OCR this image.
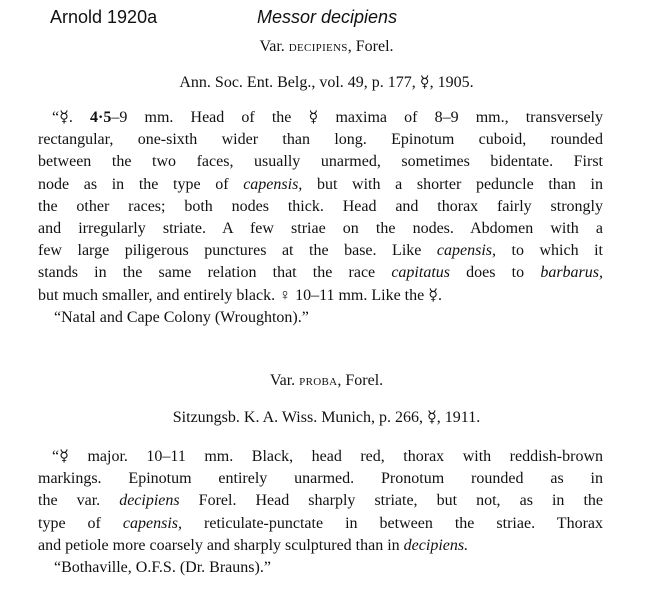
Arnold 1920a	Messor decipiens
Var. decipiens, Forel.
Ann. Soc. Ent. Belg., vol. 49, p. 177, ☿, 1905.
“☿. 4·5–9 mm. Head of the ☿ maxima of 8–9 mm., transversely
rectangular, one-sixth wider than long. Epinotum cuboid, rounded
between the two faces, usually unarmed, sometimes bidentate. First
node as in the type of capensis, but with a shorter peduncle than in
the other races; both nodes thick. Head and thorax fairly strongly
and irregularly striate. A few striae on the nodes. Abdomen with a
few large piligerous punctures at the base. Like capensis, to which it
stands in the same relation that the race capitatus does to barbarus,
but much smaller, and entirely black. ♀ 10–11 mm. Like the ☿.
“Natal and Cape Colony (Wroughton).”
Var. proba, Forel.
Sitzungsb. K. A. Wiss. Munich, p. 266, ☿, 1911.
“☿ major. 10–11 mm. Black, head red, thorax with reddish-brown
markings. Epinotum entirely unarmed. Pronotum rounded as in
the var. decipiens Forel. Head sharply striate, but not, as in the
type of capensis, reticulate-punctate in between the striae. Thorax
and petiole more coarsely and sharply sculptured than in decipiens.
“Bothaville, O.F.S. (Dr. Brauns).”
